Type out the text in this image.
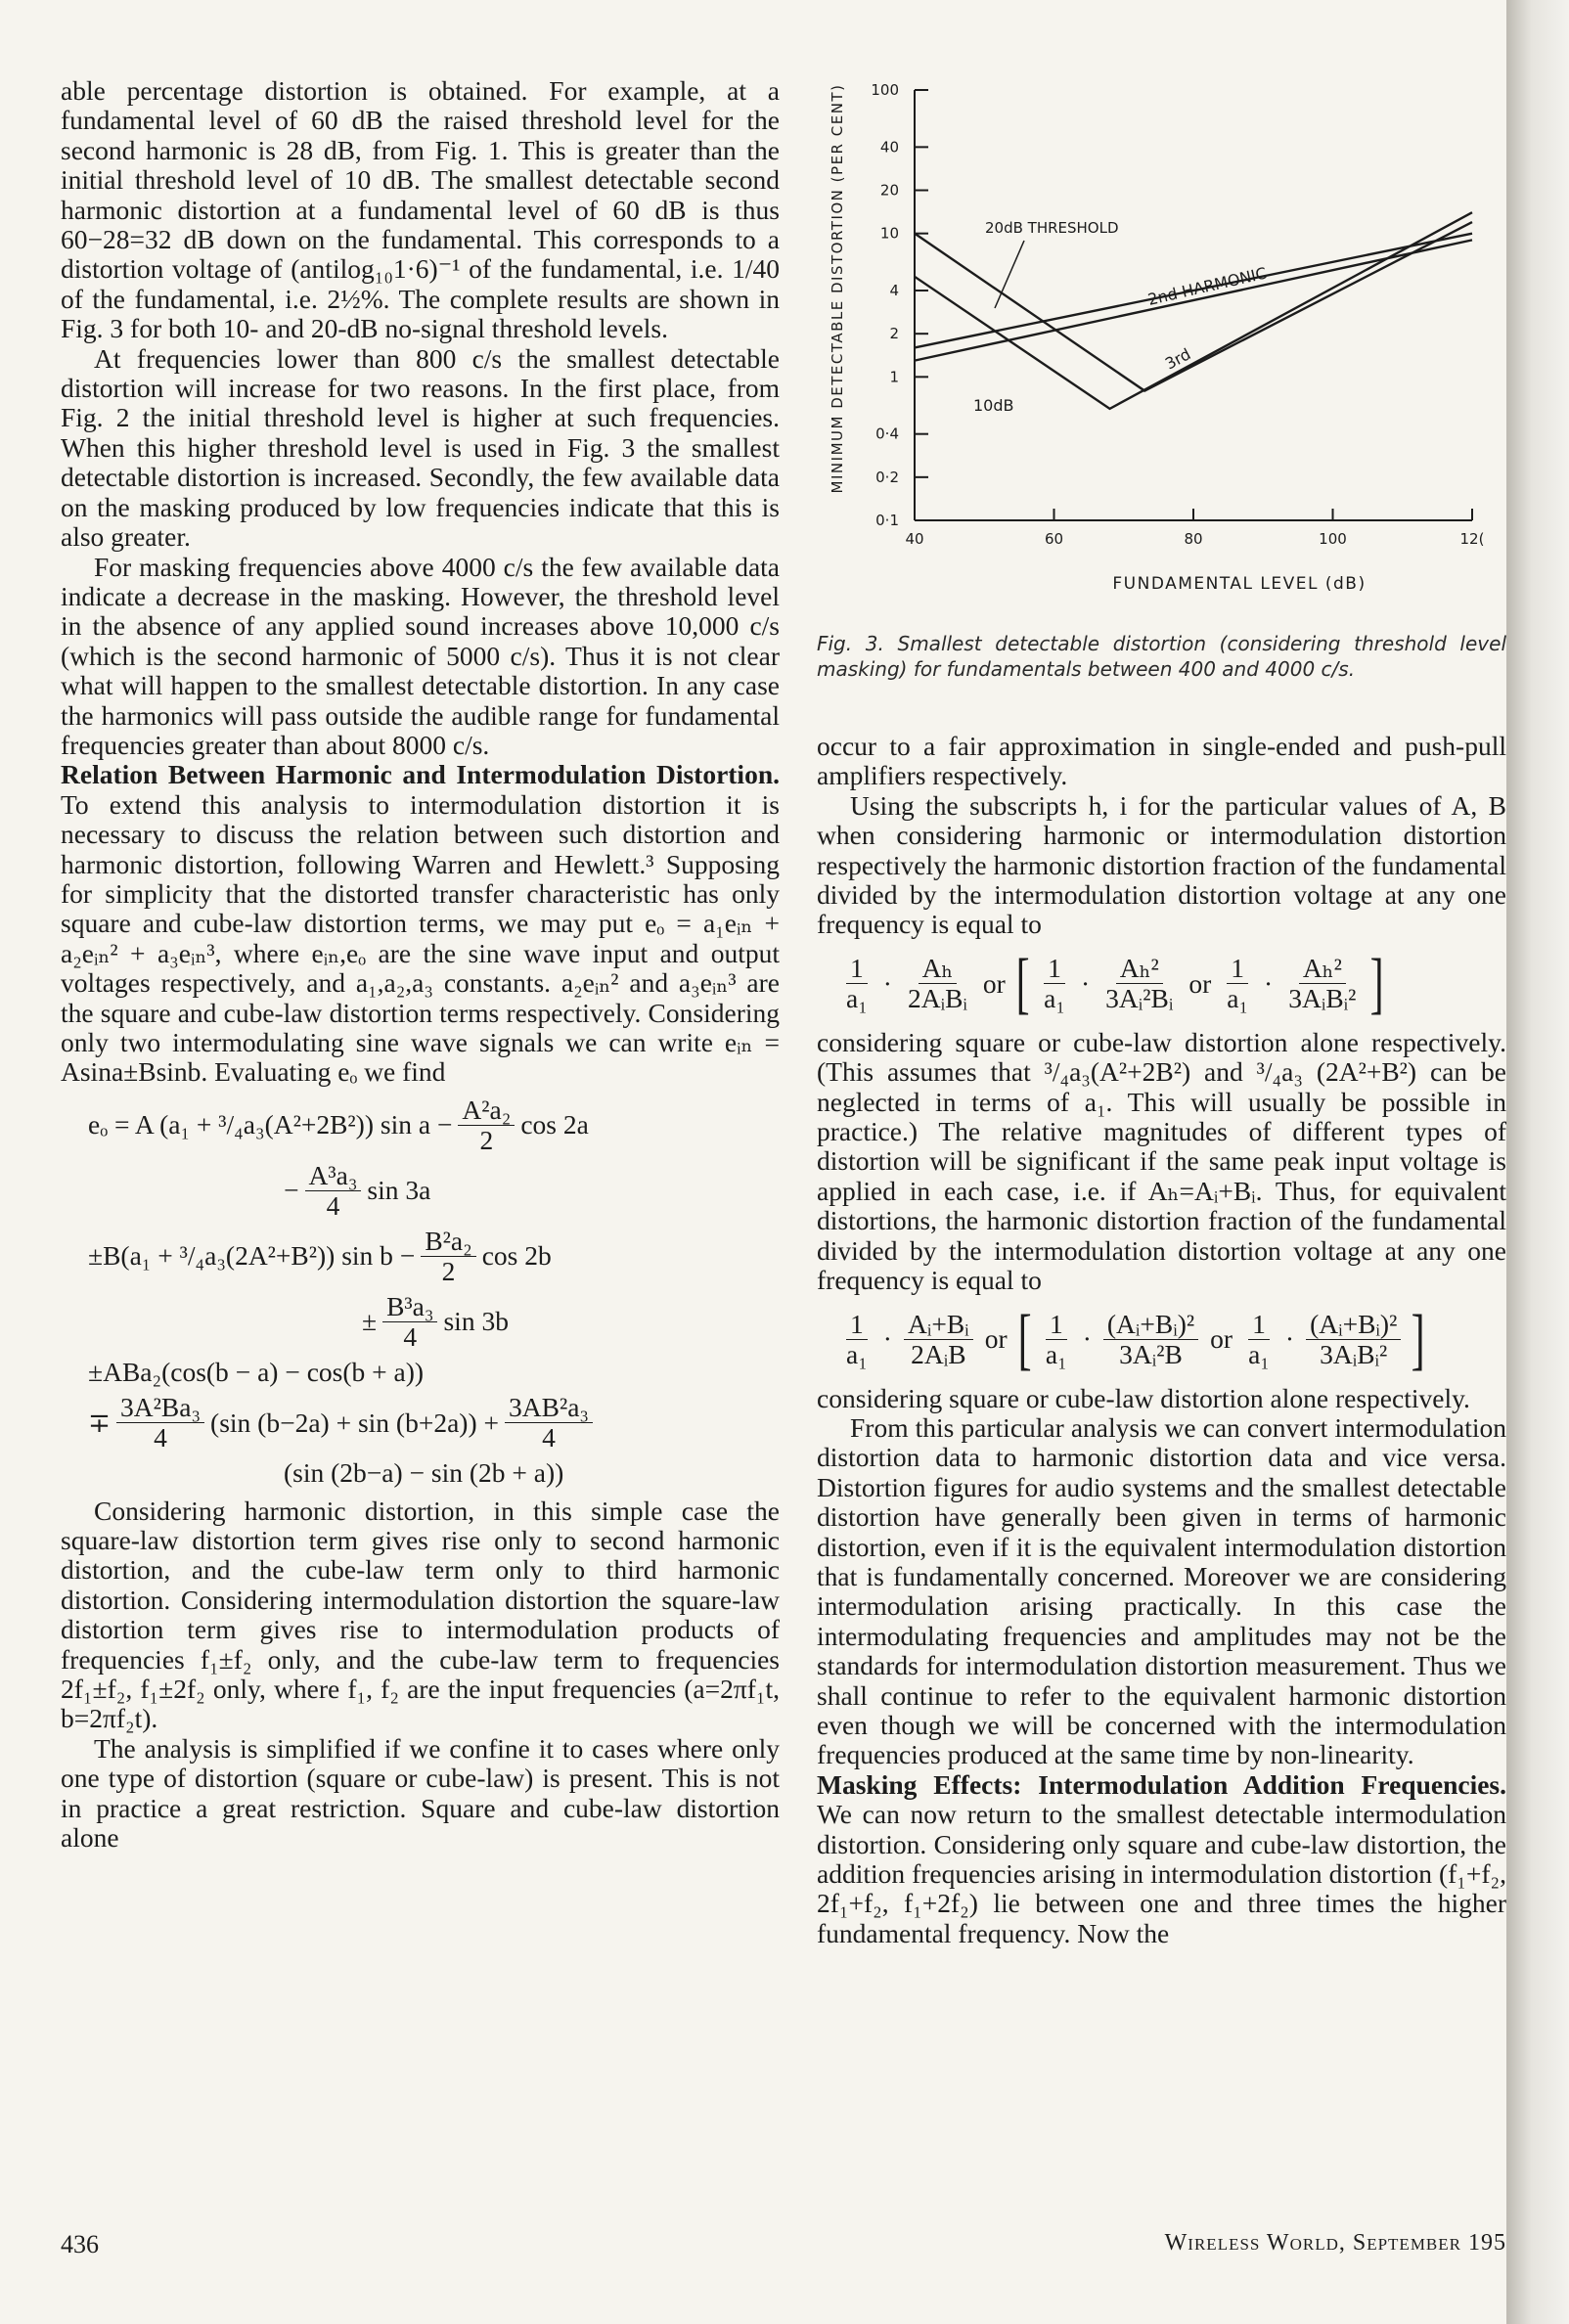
able percentage distortion is obtained. For example, at a fundamental level of 60 dB the raised threshold level for the second harmonic is 28 dB, from Fig. 1. This is greater than the initial threshold level of 10 dB. The smallest detectable second harmonic distortion at a fundamental level of 60 dB is thus 60−28=32 dB down on the fundamental. This corresponds to a distortion voltage of (antilog₁₀1·6)⁻¹ of the fundamental, i.e. 1/40 of the fundamental, i.e. 2½%. The complete results are shown in Fig. 3 for both 10- and 20-dB no-signal threshold levels.

At frequencies lower than 800 c/s the smallest detectable distortion will increase for two reasons. In the first place, from Fig. 2 the initial threshold level is higher at such frequencies. When this higher threshold level is used in Fig. 3 the smallest detectable distortion is increased. Secondly, the few available data on the masking produced by low frequencies indicate that this is also greater.

For masking frequencies above 4000 c/s the few available data indicate a decrease in the masking. However, the threshold level in the absence of any applied sound increases above 10,000 c/s (which is the second harmonic of 5000 c/s). Thus it is not clear what will happen to the smallest detectable distortion. In any case the harmonics will pass outside the audible range for fundamental frequencies greater than about 8000 c/s.

Relation Between Harmonic and Intermodulation Distortion. To extend this analysis to intermodulation distortion it is necessary to discuss the relation between such distortion and harmonic distortion, following Warren and Hewlett.³ Supposing for simplicity that the distorted transfer characteristic has only square and cube-law distortion terms, we may put eₒ = a₁eᵢₙ + a₂eᵢₙ² + a₃eᵢₙ³, where eᵢₙ,eₒ are the sine wave input and output voltages respectively, and a₁,a₂,a₃ constants. a₂eᵢₙ² and a₃eᵢₙ³ are the square and cube-law distortion terms respectively. Considering only two intermodulating sine wave signals we can write eᵢₙ = Asina±Bsinb. Evaluating eₒ we find

eₒ = A (a₁ + ³/₄a₃(A²+2B²)) $\sin a - \frac{\text{A²a₂}}{2}$ cos 2a
− $\frac{\text{A³a₃}}{4}$ sin 3a
±B(a₁ + ³/₄a₃(2A²+B²)) $\sin b - \frac{\text{B²a₂}}{2}$ cos 2b
± $\frac{\text{B³a₃}}{4}$ sin 3b
±ABa₂(cos(b − a) − cos(b + a))
∓ $\frac{\text{3A²Ba₃}}{4} (\sin$ $(b-2a) + \sin (b+2a)) + \frac{\text{3AB²a₃}}{4}$
(sin (2b−a) − sin (2b + a))

Considering harmonic distortion, in this simple case the square-law distortion term gives rise only to second harmonic distortion, and the cube-law term only to third harmonic distortion. Considering intermodulation distortion the square-law distortion term gives rise to intermodulation products of frequencies f₁±f₂ only, and the cube-law term to frequencies 2f₁±f₂, f₁±2f₂ only, where f₁, f₂ are the input frequencies (a=2πf₁t, b=2πf₂t).

The analysis is simplified if we confine it to cases where only one type of distortion (square or cube-law) is present. This is not in practice a great restriction. Square and cube-law distortion alone

MINIMUM DETECTABLE DISTORTION (PER CENT)
FUNDAMENTAL LEVEL (dB)
100
40
20
10
4
2
1
0·4
0·2
0·1
40	60	80	100	12(
20dB THRESHOLD
10dB
2nd HARMONIC
3rd
Fig. 3. Smallest detectable distortion (considering threshold level masking) for fundamentals between 400 and 4000 c/s.

occur to a fair approximation in single-ended and push-pull amplifiers respectively.

Using the subscripts h, i for the particular values of A, B when considering harmonic or intermodulation distortion respectively the harmonic distortion fraction of the fundamental divided by the intermodulation distortion voltage at any one frequency is equal to

$\frac{1}{\text{a₁}} \cdot \frac{\text{Aₕ}}{\text{2AᵢBᵢ}}$ or [ $\frac{1}{\text{a₁}} \cdot \frac{\text{Aₕ²}}{\text{3Aᵢ²Bᵢ}}$ or $\frac{1}{\text{a₁}} \cdot \frac{\text{Aₕ²}}{\text{3AᵢBᵢ²}}$ ]

considering square or cube-law distortion alone respectively. (This assumes that ³/₄a₃(A²+2B²) and ³/₄a₃ (2A²+B²) can be neglected in terms of a₁. This will usually be possible in practice.) The relative magnitudes of different types of distortion will be significant if the same peak input voltage is applied in each case, i.e. if Aₕ=Aᵢ+Bᵢ. Thus, for equivalent distortions, the harmonic distortion fraction of the fundamental divided by the intermodulation distortion voltage at any one frequency is equal to

$\frac{1}{\text{a₁}} \cdot \frac{\text{Aᵢ+Bᵢ}}{\text{2AᵢB}}$ or [ $\frac{1}{\text{a₁}} \cdot \frac{\text{(Aᵢ+Bᵢ)²}}{\text{3Aᵢ²B}}$ or $\frac{1}{\text{a₁}} \cdot \frac{\text{(Aᵢ+Bᵢ)²}}{\text{3AᵢBᵢ²}}$ ]

considering square or cube-law distortion alone respectively.

From this particular analysis we can convert intermodulation distortion data to harmonic distortion data and vice versa. Distortion figures for audio systems and the smallest detectable distortion have generally been given in terms of harmonic distortion, even if it is the equivalent intermodulation distortion that is fundamentally concerned. Moreover we are considering intermodulation arising practically. In this case the intermodulating frequencies and amplitudes may not be the standards for intermodulation distortion measurement. Thus we shall continue to refer to the equivalent harmonic distortion even though we will be concerned with the intermodulation frequencies produced at the same time by non-linearity.

Masking Effects: Intermodulation Addition Frequencies. We can now return to the smallest detectable intermodulation distortion. Considering only square and cube-law distortion, the addition frequencies arising in intermodulation distortion (f₁+f₂, 2f₁+f₂, f₁+2f₂) lie between one and three times the higher fundamental frequency. Now the

436	Wireless World, September 195
